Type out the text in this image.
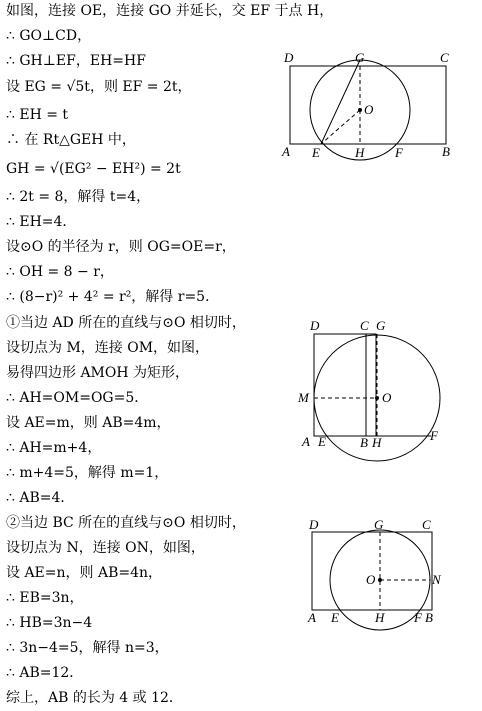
如图，连接 OE，连接 GO 并延长，交 EF 于点 H，
∴ GO⊥CD，
∴ GH⊥EF，EH=HF
设 EG = √5t，则 EF = 2t，
∴ EH = t
∴ 在 Rt△GEH 中，
GH = √(EG² − EH²) = 2t
∴ 2t = 8，解得 t=4，
∴ EH=4．
设⊙O 的半径为 r，则 OG=OE=r，
∴ OH = 8 − r，
∴ (8−r)² + 4² = r²，解得 r=5．
①当边 AD 所在的直线与⊙O 相切时，
设切点为 M，连接 OM，如图，
易得四边形 AMOH 为矩形，
∴ AH=OM=OG=5．
设 AE=m，则 AB=4m，
∴ AH=m+4，
∴ m+4=5，解得 m=1，
∴ AB=4．
②当边 BC 所在的直线与⊙O 相切时，
设切点为 N，连接 ON，如图，
设 AE=n，则 AB=4n，
∴ EB=3n，
∴ HB=3n−4
∴ 3n−4=5，解得 n=3，
∴ AB=12．
综上，AB 的长为 4 或 12．
D	G	C
O
A E	H F	B
D	C G
M	O
A E	B H	F
D	G	C
O	N
A E	H F B
